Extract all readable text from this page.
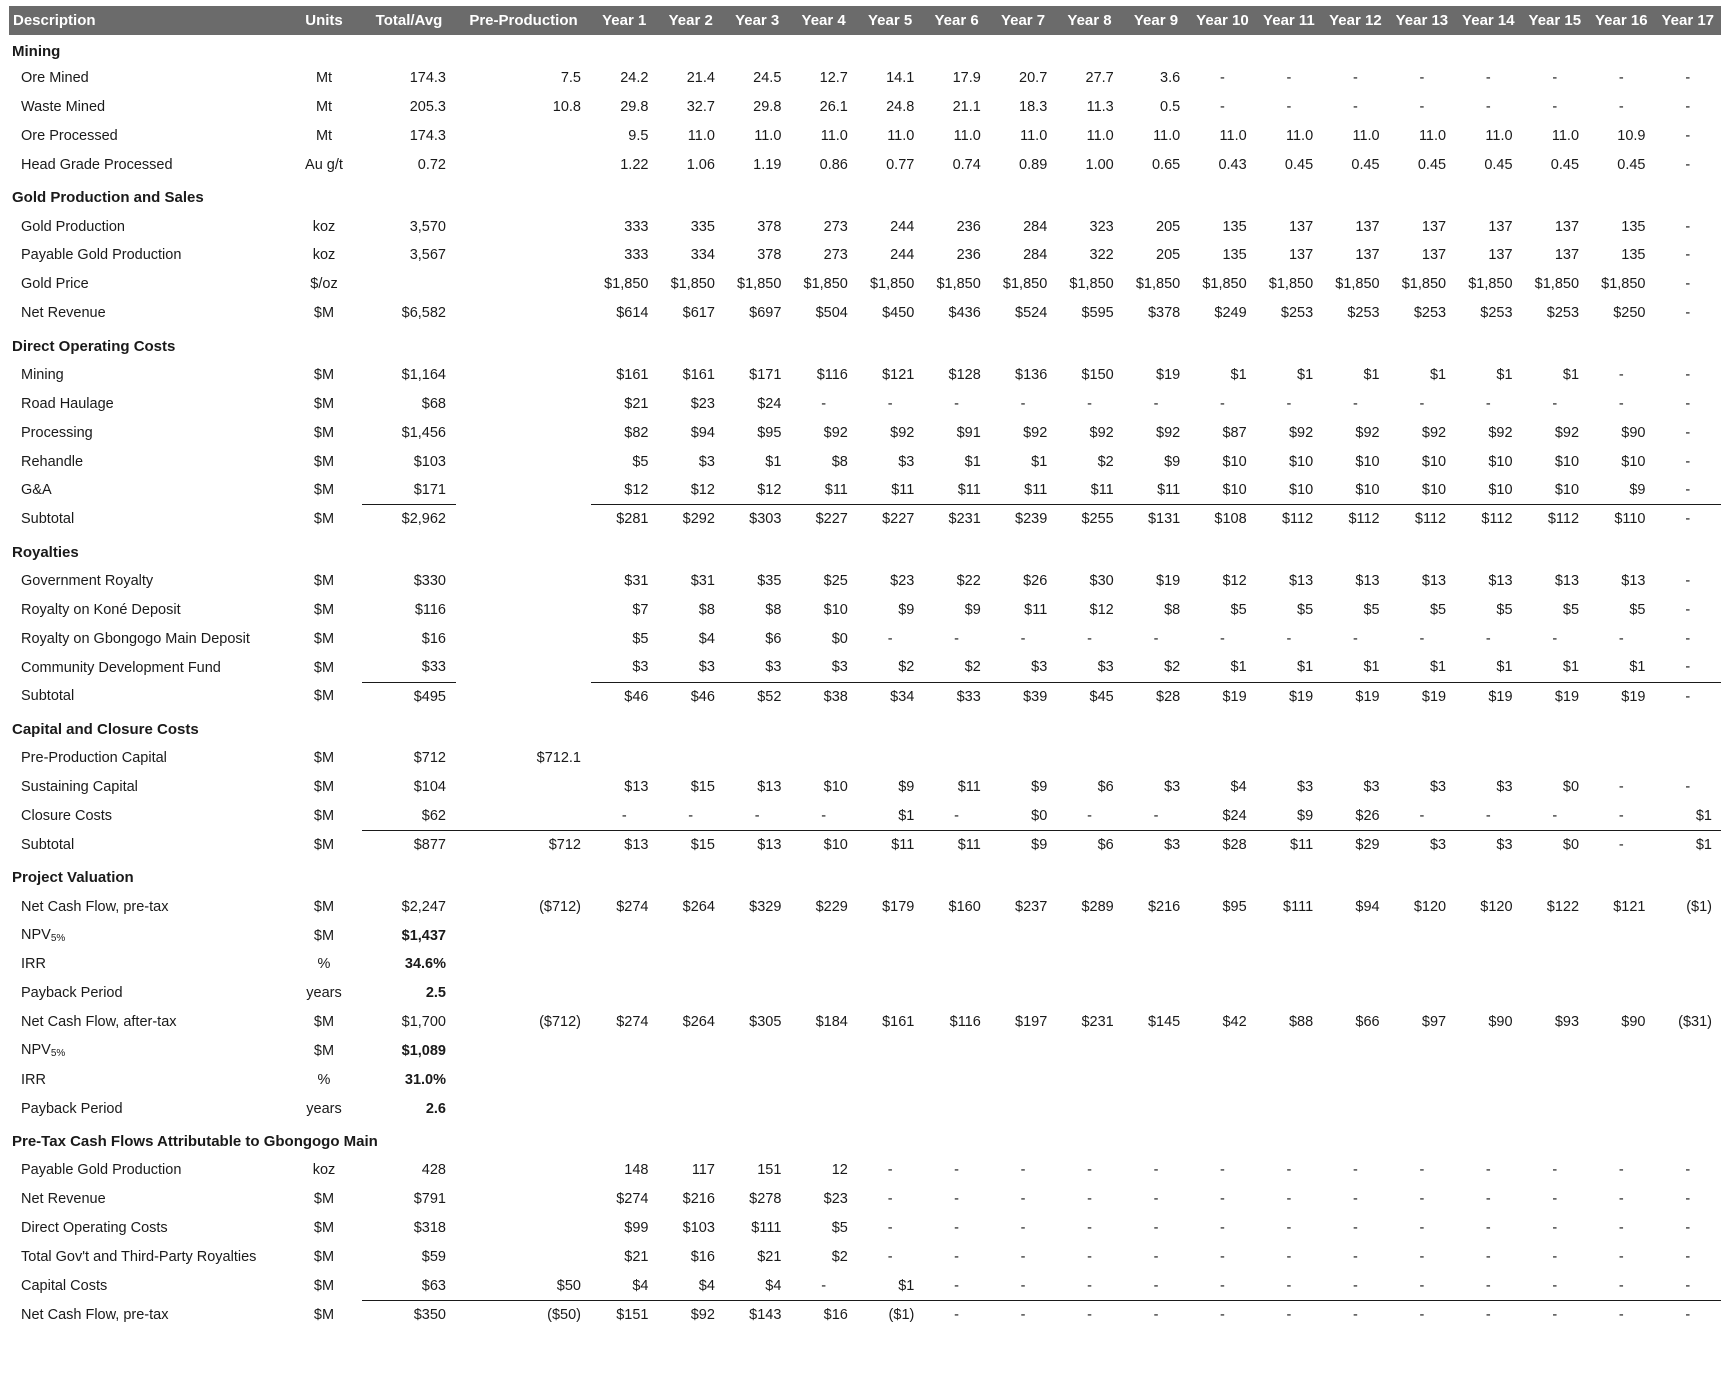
Description	Units	Total/Avg	Pre-Production	Year 1	Year 2	Year 3	Year 4	Year 5	Year 6	Year 7	Year 8	Year 9	Year 10	Year 11	Year 12	Year 13	Year 14	Year 15	Year 16	Year 17
Mining																				
Ore Mined	Mt	174.3	7.5	24.2	21.4	24.5	12.7	14.1	17.9	20.7	27.7	3.6	-	-	-	-	-	-	-	-
Waste Mined	Mt	205.3	10.8	29.8	32.7	29.8	26.1	24.8	21.1	18.3	11.3	0.5	-	-	-	-	-	-	-	-
Ore Processed	Mt	174.3		9.5	11.0	11.0	11.0	11.0	11.0	11.0	11.0	11.0	11.0	11.0	11.0	11.0	11.0	11.0	10.9	-
Head Grade Processed	Au g/t	0.72		1.22	1.06	1.19	0.86	0.77	0.74	0.89	1.00	0.65	0.43	0.45	0.45	0.45	0.45	0.45	0.45	-
Gold Production and Sales																				
Gold Production	koz	3,570		333	335	378	273	244	236	284	323	205	135	137	137	137	137	137	135	-
Payable Gold Production	koz	3,567		333	334	378	273	244	236	284	322	205	135	137	137	137	137	137	135	-
Gold Price	$/oz			$1,850	$1,850	$1,850	$1,850	$1,850	$1,850	$1,850	$1,850	$1,850	$1,850	$1,850	$1,850	$1,850	$1,850	$1,850	$1,850	-
Net Revenue	$M	$6,582		$614	$617	$697	$504	$450	$436	$524	$595	$378	$249	$253	$253	$253	$253	$253	$250	-
Direct Operating Costs																				
Mining	$M	$1,164		$161	$161	$171	$116	$121	$128	$136	$150	$19	$1	$1	$1	$1	$1	$1	-	-
Road Haulage	$M	$68		$21	$23	$24	-	-	-	-	-	-	-	-	-	-	-	-	-	-
Processing	$M	$1,456		$82	$94	$95	$92	$92	$91	$92	$92	$92	$87	$92	$92	$92	$92	$92	$90	-
Rehandle	$M	$103		$5	$3	$1	$8	$3	$1	$1	$2	$9	$10	$10	$10	$10	$10	$10	$10	-
G&A	$M	$171		$12	$12	$12	$11	$11	$11	$11	$11	$11	$10	$10	$10	$10	$10	$10	$9	-
Subtotal	$M	$2,962		$281	$292	$303	$227	$227	$231	$239	$255	$131	$108	$112	$112	$112	$112	$112	$110	-
Royalties																				
Government Royalty	$M	$330		$31	$31	$35	$25	$23	$22	$26	$30	$19	$12	$13	$13	$13	$13	$13	$13	-
Royalty on Koné Deposit	$M	$116		$7	$8	$8	$10	$9	$9	$11	$12	$8	$5	$5	$5	$5	$5	$5	$5	-
Royalty on Gbongogo Main Deposit	$M	$16		$5	$4	$6	$0	-	-	-	-	-	-	-	-	-	-	-	-	-
Community Development Fund	$M	$33		$3	$3	$3	$3	$2	$2	$3	$3	$2	$1	$1	$1	$1	$1	$1	$1	-
Subtotal	$M	$495		$46	$46	$52	$38	$34	$33	$39	$45	$28	$19	$19	$19	$19	$19	$19	$19	-
Capital and Closure Costs																				
Pre-Production Capital	$M	$712	$712.1																	
Sustaining Capital	$M	$104		$13	$15	$13	$10	$9	$11	$9	$6	$3	$4	$3	$3	$3	$3	$0	-	-
Closure Costs	$M	$62		-	-	-	-	$1	-	$0	-	-	$24	$9	$26	-	-	-	-	$1
Subtotal	$M	$877	$712	$13	$15	$13	$10	$11	$11	$9	$6	$3	$28	$11	$29	$3	$3	$0	-	$1
Project Valuation																				
Net Cash Flow, pre-tax	$M	$2,247	($712)	$274	$264	$329	$229	$179	$160	$237	$289	$216	$95	$111	$94	$120	$120	$122	$121	($1)
NPV5%	$M	$1,437																		
IRR	%	34.6%																		
Payback Period	years	2.5																		
Net Cash Flow, after-tax	$M	$1,700	($712)	$274	$264	$305	$184	$161	$116	$197	$231	$145	$42	$88	$66	$97	$90	$93	$90	($31)
NPV5%	$M	$1,089																		
IRR	%	31.0%																		
Payback Period	years	2.6																		
Pre-Tax Cash Flows Attributable to Gbongogo Main																				
Payable Gold Production	koz	428		148	117	151	12	-	-	-	-	-	-	-	-	-	-	-	-	-
Net Revenue	$M	$791		$274	$216	$278	$23	-	-	-	-	-	-	-	-	-	-	-	-	-
Direct Operating Costs	$M	$318		$99	$103	$111	$5	-	-	-	-	-	-	-	-	-	-	-	-	-
Total Gov't and Third-Party Royalties	$M	$59		$21	$16	$21	$2	-	-	-	-	-	-	-	-	-	-	-	-	-
Capital Costs	$M	$63	$50	$4	$4	$4	-	$1	-	-	-	-	-	-	-	-	-	-	-	-
Net Cash Flow, pre-tax	$M	$350	($50)	$151	$92	$143	$16	($1)	-	-	-	-	-	-	-	-	-	-	-	-
